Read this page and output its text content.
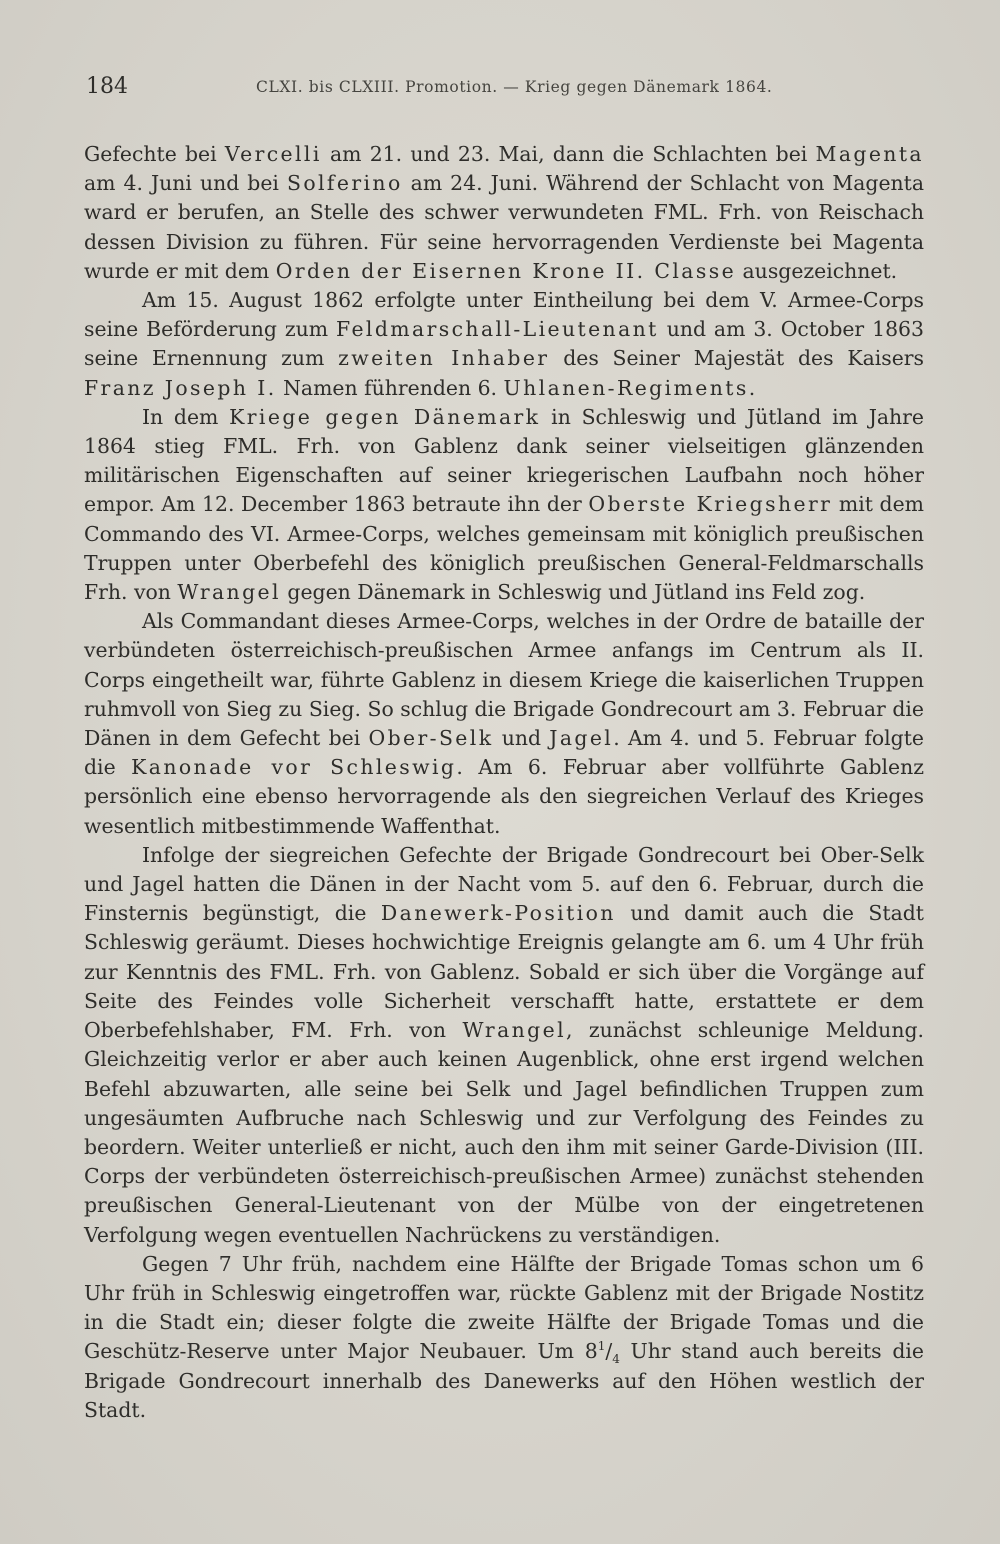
184	CLXI. bis CLXIII. Promotion. — Krieg gegen Dänemark 1864.

Gefechte bei Vercelli am 21. und 23. Mai, dann die Schlachten bei Magenta am 4. Juni und bei Solferino am 24. Juni. Während der Schlacht von Magenta ward er berufen, an Stelle des schwer verwundeten FML. Frh. von Reischach dessen Division zu führen. Für seine hervorragenden Verdienste bei Magenta wurde er mit dem Orden der Eisernen Krone II. Classe ausgezeichnet.

Am 15. August 1862 erfolgte unter Eintheilung bei dem V. Armee-Corps seine Beförderung zum Feldmarschall-Lieutenant und am 3. October 1863 seine Ernennung zum zweiten Inhaber des Seiner Majestät des Kaisers Franz Joseph I. Namen führenden 6. Uhlanen-Regiments.

In dem Kriege gegen Dänemark in Schleswig und Jütland im Jahre 1864 stieg FML. Frh. von Gablenz dank seiner vielseitigen glänzenden militärischen Eigenschaften auf seiner kriegerischen Laufbahn noch höher empor. Am 12. December 1863 betraute ihn der Oberste Kriegsherr mit dem Commando des VI. Armee-Corps, welches gemeinsam mit königlich preußischen Truppen unter Oberbefehl des königlich preußischen General-Feldmarschalls Frh. von Wrangel gegen Dänemark in Schleswig und Jütland ins Feld zog.

Als Commandant dieses Armee-Corps, welches in der Ordre de bataille der verbündeten österreichisch-preußischen Armee anfangs im Centrum als II. Corps eingetheilt war, führte Gablenz in diesem Kriege die kaiserlichen Truppen ruhmvoll von Sieg zu Sieg. So schlug die Brigade Gondrecourt am 3. Februar die Dänen in dem Gefecht bei Ober-Selk und Jagel. Am 4. und 5. Februar folgte die Kanonade vor Schleswig. Am 6. Februar aber vollführte Gablenz persönlich eine ebenso hervorragende als den siegreichen Verlauf des Krieges wesentlich mitbestimmende Waffenthat.

Infolge der siegreichen Gefechte der Brigade Gondrecourt bei Ober-Selk und Jagel hatten die Dänen in der Nacht vom 5. auf den 6. Februar, durch die Finsternis begünstigt, die Danewerk-Position und damit auch die Stadt Schleswig geräumt. Dieses hochwichtige Ereignis gelangte am 6. um 4 Uhr früh zur Kenntnis des FML. Frh. von Gablenz. Sobald er sich über die Vorgänge auf Seite des Feindes volle Sicherheit verschafft hatte, erstattete er dem Oberbefehlshaber, FM. Frh. von Wrangel, zunächst schleunige Meldung. Gleichzeitig verlor er aber auch keinen Augenblick, ohne erst irgend welchen Befehl abzuwarten, alle seine bei Selk und Jagel befindlichen Truppen zum ungesäumten Aufbruche nach Schleswig und zur Verfolgung des Feindes zu beordern. Weiter unterließ er nicht, auch den ihm mit seiner Garde-Division (III. Corps der verbündeten österreichisch-preußischen Armee) zunächst stehenden preußischen General-Lieutenant von der Mülbe von der eingetretenen Verfolgung wegen eventuellen Nachrückens zu verständigen.

Gegen 7 Uhr früh, nachdem eine Hälfte der Brigade Tomas schon um 6 Uhr früh in Schleswig eingetroffen war, rückte Gablenz mit der Brigade Nostitz in die Stadt ein; dieser folgte die zweite Hälfte der Brigade Tomas und die Geschütz-Reserve unter Major Neubauer. Um $8^1/_4$ Uhr stand auch bereits die Brigade Gondrecourt innerhalb des Danewerks auf den Höhen westlich der Stadt.
